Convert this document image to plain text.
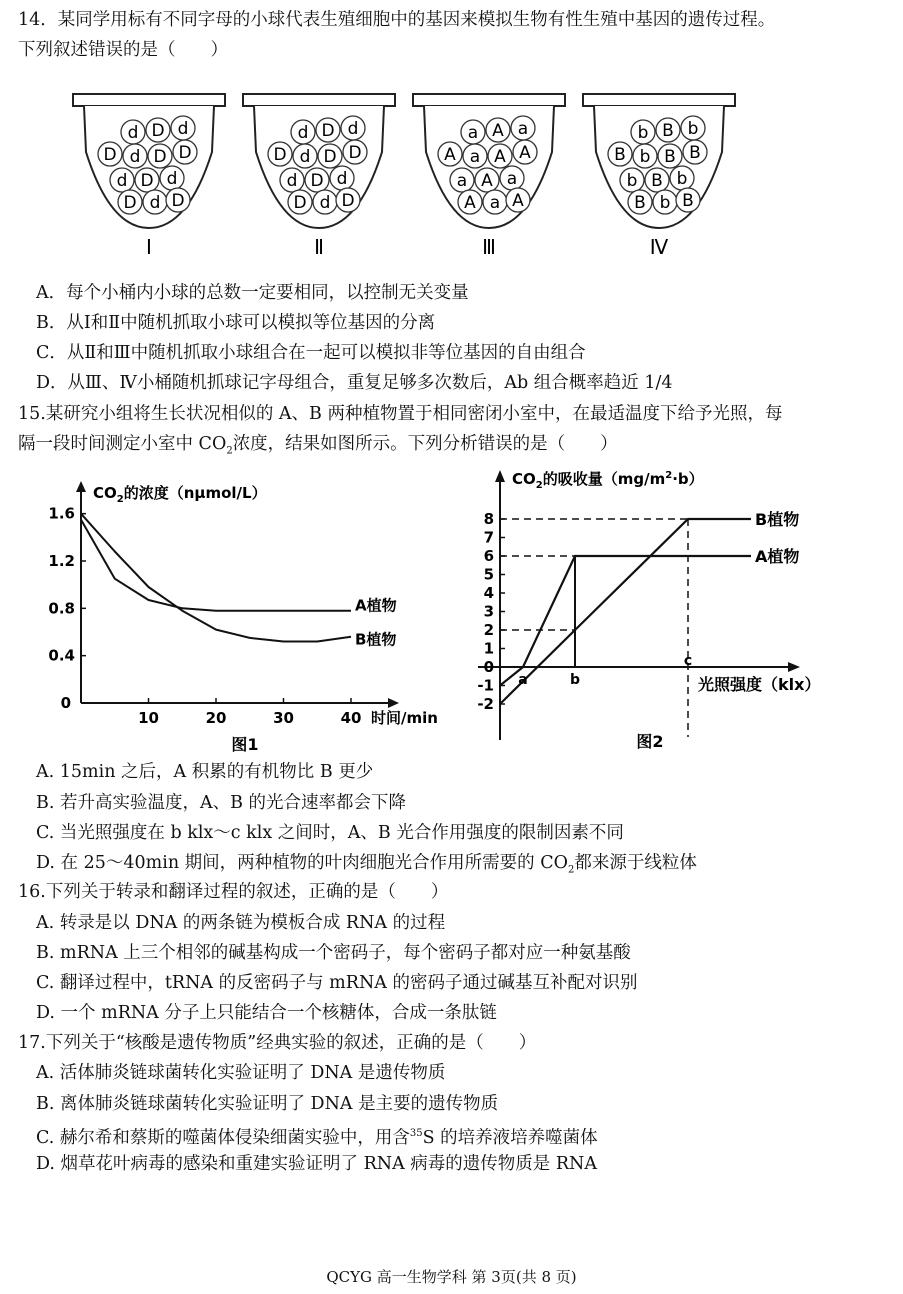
14．某同学用标有不同字母的小球代表生殖细胞中的基因来模拟生物有性生殖中基因的遗传过程。
下列叙述错误的是（　　）
d D d
D d D D
d D d
D d D
Ⅰ
d D d
D d D D
d D d
D d D
Ⅱ
a A a
A a A A
a A a
A a A
Ⅲ
b B b
B b B B
b B b
B b B
Ⅳ
A．每个小桶内小球的总数一定要相同，以控制无关变量
B．从Ⅰ和Ⅱ中随机抓取小球可以模拟等位基因的分离
C．从Ⅱ和Ⅲ中随机抓取小球组合在一起可以模拟非等位基因的自由组合
D．从Ⅲ、Ⅳ小桶随机抓球记字母组合，重复足够多次数后，Ab 组合概率趋近 1/4
15.某研究小组将生长状况相似的 A、B 两种植物置于相同密闭小室中，在最适温度下给予光照，每
隔一段时间测定小室中 $CO_2$浓度，结果如图所示。下列分析错误的是（　　）
$CO_2$的浓度（nμmol/L）
0.4
0.8
1.2
1.6
0
10	20	30	40 时间/min
A植物
B植物
图1
$CO_2$的吸收量$(mg/m^2\cdot b)$
8
7
6
5
4
3
2
1
0
-1
-2
A植物
B植物
a	b
c
光照强度（klx）
图2
A. 15min 之后，A 积累的有机物比 B 更少
B. 若升高实验温度，A、B 的光合速率都会下降
C. 当光照强度在 b klx～c klx 之间时，A、B 光合作用强度的限制因素不同
D. 在 25～40min 期间，两种植物的叶肉细胞光合作用所需要的 $CO_2$都来源于线粒体
16.下列关于转录和翻译过程的叙述，正确的是（　　）
A. 转录是以 DNA 的两条链为模板合成 RNA 的过程
B. mRNA 上三个相邻的碱基构成一个密码子，每个密码子都对应一种氨基酸
C. 翻译过程中，tRNA 的反密码子与 mRNA 的密码子通过碱基互补配对识别
D. 一个 mRNA 分子上只能结合一个核糖体，合成一条肽链
17.下列关于“核酸是遗传物质”经典实验的叙述，正确的是（　　）
A. 活体肺炎链球菌转化实验证明了 DNA 是遗传物质
B. 离体肺炎链球菌转化实验证明了 DNA 是主要的遗传物质
C. 赫尔希和蔡斯的噬菌体侵染细菌实验中，用含$^{35}$S 的培养液培养噬菌体
D. 烟草花叶病毒的感染和重建实验证明了 RNA 病毒的遗传物质是 RNA
QCYG 高一生物学科 第 3页(共 8 页)
